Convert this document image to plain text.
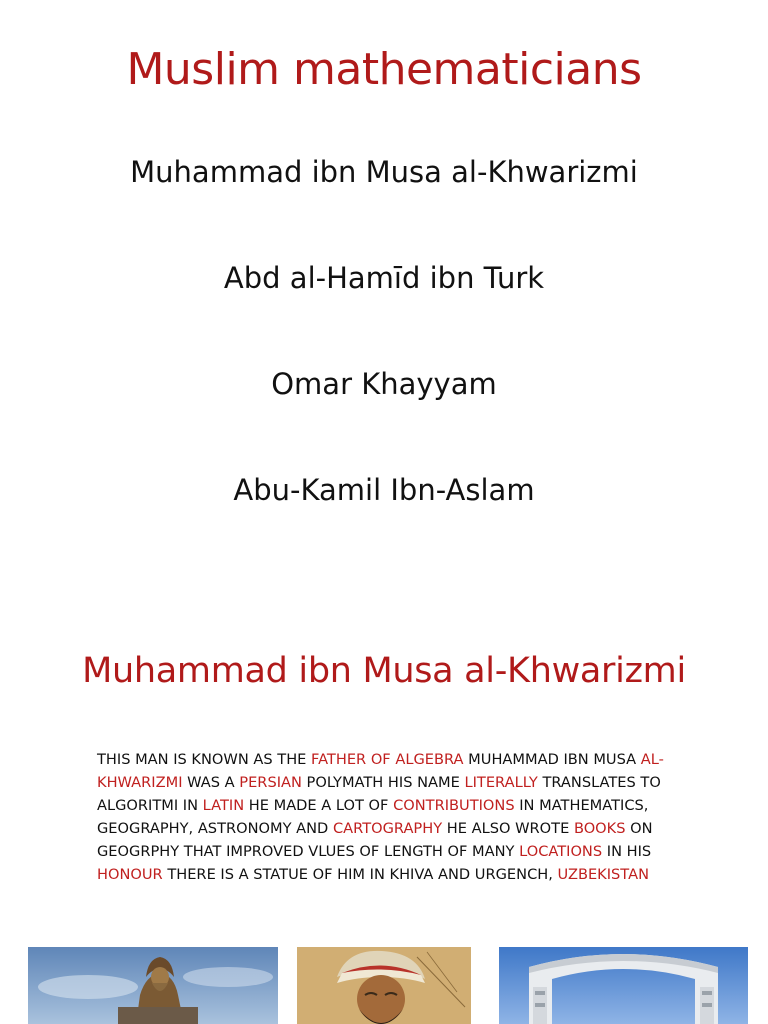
Muslim mathematicians
Muhammad ibn Musa al-Khwarizmi
Abd al-Hamīd ibn Turk
Omar Khayyam
Abu-Kamil Ibn-Aslam
Muhammad ibn Musa al-Khwarizmi

THIS MAN IS KNOWN AS THE FATHER OF ALGEBRA MUHAMMAD IBN MUSA AL-KHWARIZMI WAS A PERSIAN POLYMATH HIS NAME LITERALLY TRANSLATES TO ALGORITMI IN LATIN HE MADE A LOT OF CONTRIBUTIONS IN MATHEMATICS, GEOGRAPHY, ASTRONOMY AND CARTOGRAPHY HE ALSO WROTE BOOKS ON GEOGRPHY THAT IMPROVED VLUES OF LENGTH OF MANY LOCATIONS IN HIS HONOUR THERE IS A STATUE OF HIM IN KHIVA AND URGENCH, UZBEKISTAN
